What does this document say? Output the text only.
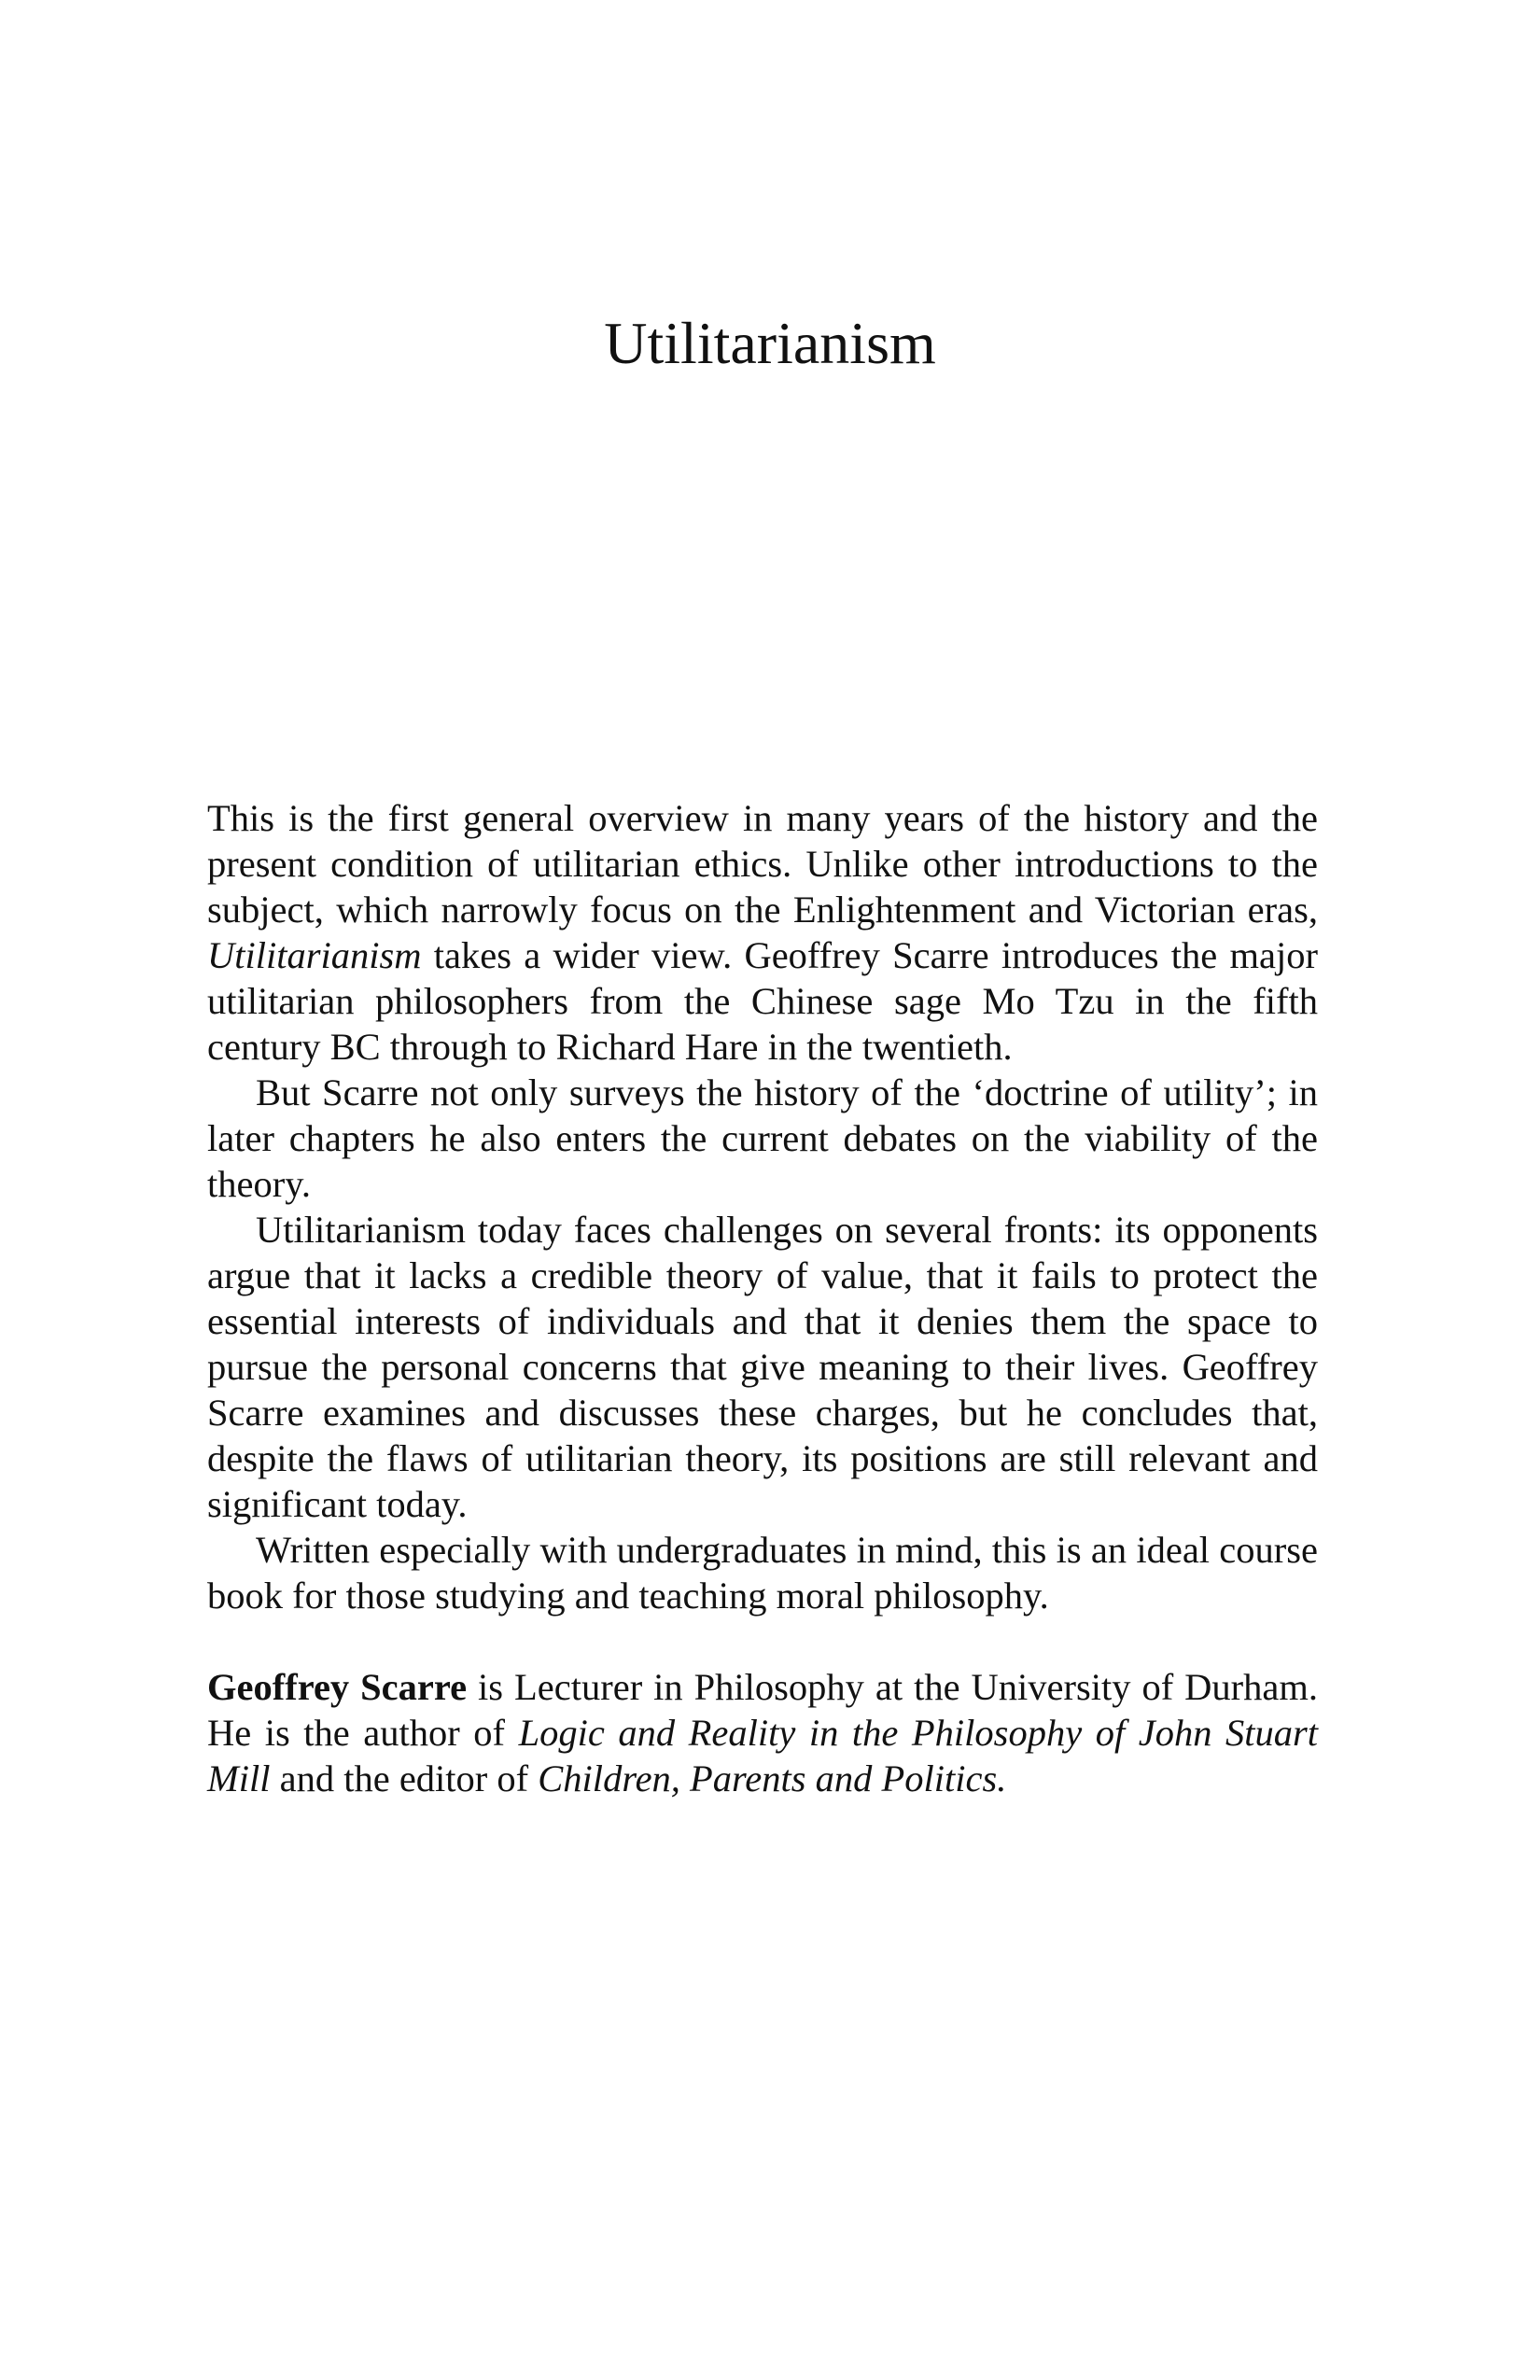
Utilitarianism

This is the first general overview in many years of the history and the present condition of utilitarian ethics. Unlike other introductions to the subject, which narrowly focus on the Enlightenment and Victorian eras, Utilitarianism takes a wider view. Geoffrey Scarre introduces the major utilitarian philosophers from the Chinese sage Mo Tzu in the fifth century BC through to Richard Hare in the twentieth.

But Scarre not only surveys the history of the ‘doctrine of utility’; in later chapters he also enters the current debates on the viability of the theory.

Utilitarianism today faces challenges on several fronts: its opponents argue that it lacks a credible theory of value, that it fails to protect the essential interests of individuals and that it denies them the space to pursue the personal concerns that give meaning to their lives. Geoffrey Scarre examines and discusses these charges, but he concludes that, despite the flaws of utilitarian theory, its positions are still relevant and significant today.

Written especially with undergraduates in mind, this is an ideal course book for those studying and teaching moral philosophy.

Geoffrey Scarre is Lecturer in Philosophy at the University of Durham. He is the author of Logic and Reality in the Philosophy of John Stuart Mill and the editor of Children, Parents and Politics.
